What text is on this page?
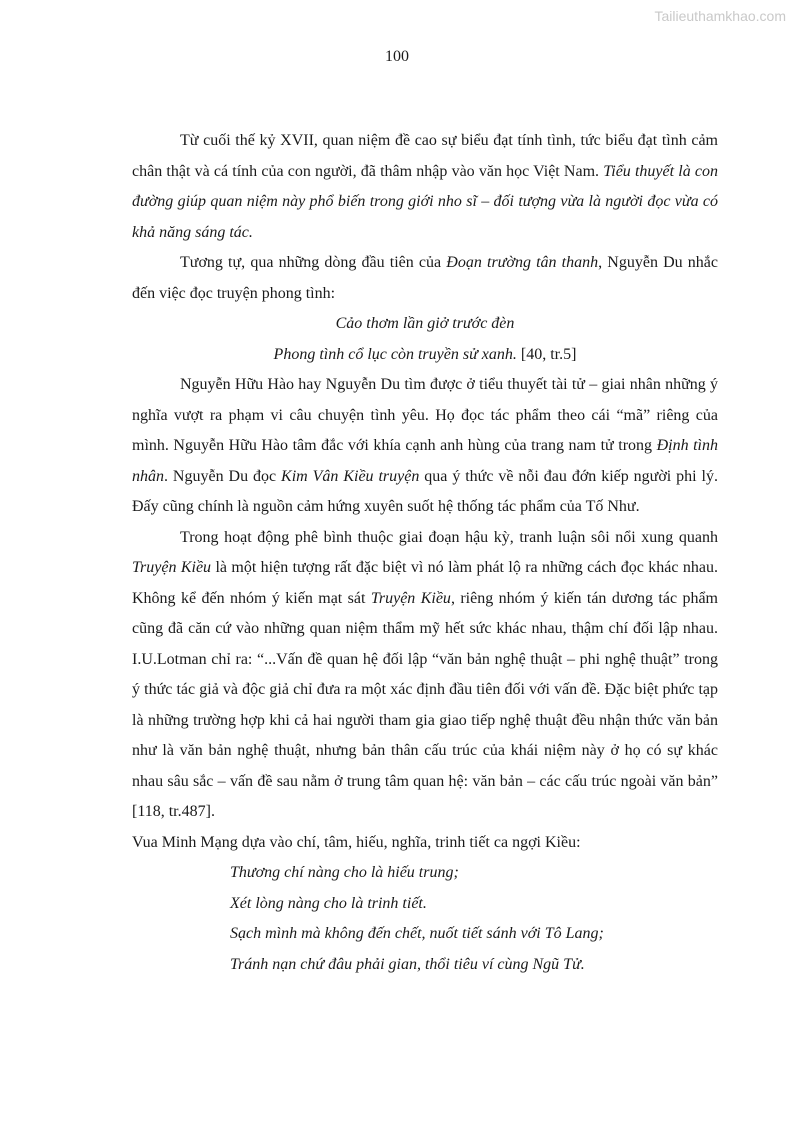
Tailieuthamkhao.com
100

Từ cuối thế kỷ XVII, quan niệm đề cao sự biểu đạt tính tình, tức biểu đạt tình cảm chân thật và cá tính của con người, đã thâm nhập vào văn học Việt Nam. Tiểu thuyết là con đường giúp quan niệm này phổ biến trong giới nho sĩ – đối tượng vừa là người đọc vừa có khả năng sáng tác.

Tương tự, qua những dòng đầu tiên của Đoạn trường tân thanh, Nguyễn Du nhắc đến việc đọc truyện phong tình:

Cảo thơm lần giở trước đèn

Phong tình cổ lục còn truyền sử xanh. [40, tr.5]

Nguyễn Hữu Hào hay Nguyễn Du tìm được ở tiểu thuyết tài tử – giai nhân những ý nghĩa vượt ra phạm vi câu chuyện tình yêu. Họ đọc tác phẩm theo cái “mã” riêng của mình. Nguyễn Hữu Hào tâm đắc với khía cạnh anh hùng của trang nam tử trong Định tình nhân. Nguyễn Du đọc Kim Vân Kiều truyện qua ý thức về nỗi đau đớn kiếp người phi lý. Đấy cũng chính là nguồn cảm hứng xuyên suốt hệ thống tác phẩm của Tố Như.

Trong hoạt động phê bình thuộc giai đoạn hậu kỳ, tranh luận sôi nổi xung quanh Truyện Kiều là một hiện tượng rất đặc biệt vì nó làm phát lộ ra những cách đọc khác nhau. Không kể đến nhóm ý kiến mạt sát Truyện Kiều, riêng nhóm ý kiến tán dương tác phẩm cũng đã căn cứ vào những quan niệm thẩm mỹ hết sức khác nhau, thậm chí đối lập nhau. I.U.Lotman chỉ ra: “...Vấn đề quan hệ đối lập “văn bản nghệ thuật – phi nghệ thuật” trong ý thức tác giả và độc giả chỉ đưa ra một xác định đầu tiên đối với vấn đề. Đặc biệt phức tạp là những trường hợp khi cả hai người tham gia giao tiếp nghệ thuật đều nhận thức văn bản như là văn bản nghệ thuật, nhưng bản thân cấu trúc của khái niệm này ở họ có sự khác nhau sâu sắc – vấn đề sau nằm ở trung tâm quan hệ: văn bản – các cấu trúc ngoài văn bản” [118, tr.487].

Vua Minh Mạng dựa vào chí, tâm, hiếu, nghĩa, trinh tiết ca ngợi Kiều:

Thương chí nàng cho là hiếu trung;

Xét lòng nàng cho là trinh tiết.

Sạch mình mà không đến chết, nuốt tiết sánh với Tô Lang;

Tránh nạn chứ đâu phải gian, thổi tiêu ví cùng Ngũ Tử.
